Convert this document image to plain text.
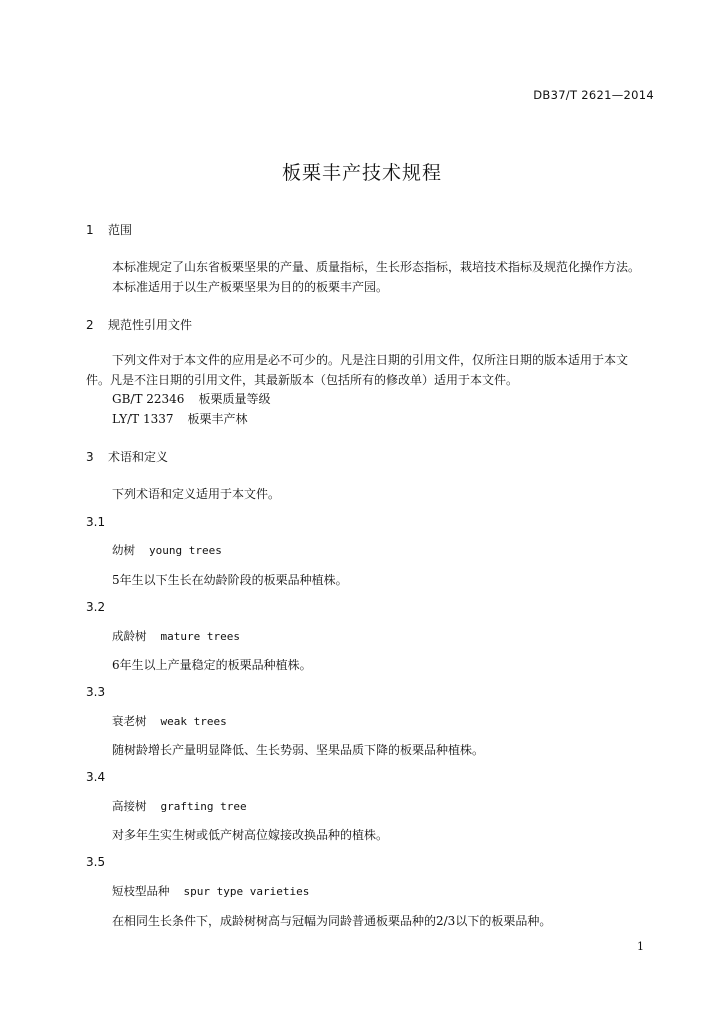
DB37/T 2621—2014
板栗丰产技术规程
1 范围
本标准规定了山东省板栗坚果的产量、质量指标，生长形态指标，栽培技术指标及规范化操作方法。
本标准适用于以生产板栗坚果为目的的板栗丰产园。
2 规范性引用文件
下列文件对于本文件的应用是必不可少的。凡是注日期的引用文件，仅所注日期的版本适用于本文
件。凡是不注日期的引用文件，其最新版本（包括所有的修改单）适用于本文件。
GB/T 22346 板栗质量等级
LY/T 1337 板栗丰产林
3 术语和定义
下列术语和定义适用于本文件。
3.1
幼树 young trees
5年生以下生长在幼龄阶段的板栗品种植株。
3.2
成龄树 mature trees
6年生以上产量稳定的板栗品种植株。
3.3
衰老树 weak trees
随树龄增长产量明显降低、生长势弱、坚果品质下降的板栗品种植株。
3.4
高接树 grafting tree
对多年生实生树或低产树高位嫁接改换品种的植株。
3.5
短枝型品种 spur type varieties
在相同生长条件下，成龄树树高与冠幅为同龄普通板栗品种的2/3以下的板栗品种。
1
